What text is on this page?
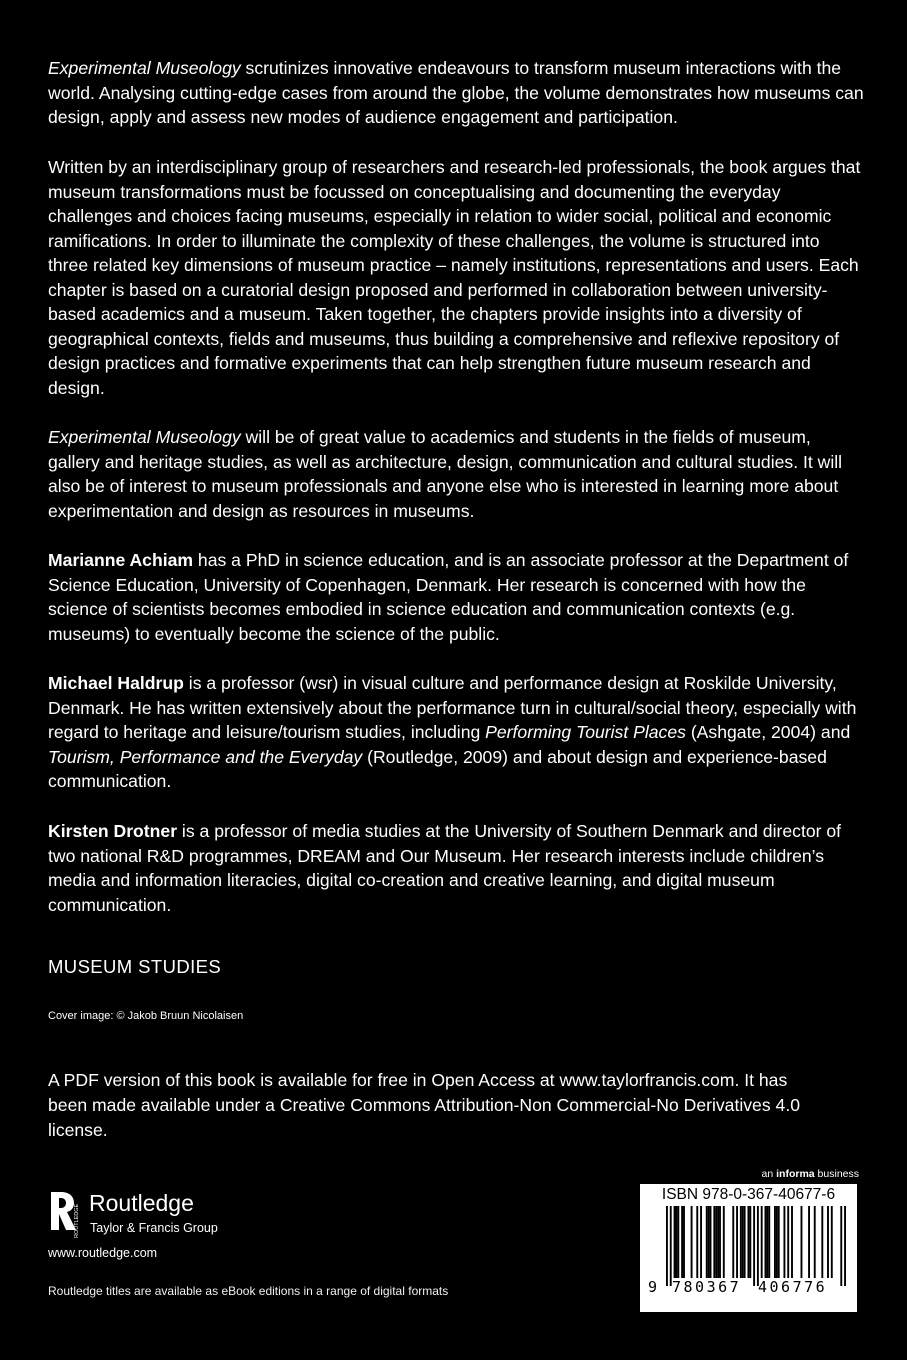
Experimental Museology scrutinizes innovative endeavours to transform museum interactions with the world. Analysing cutting-edge cases from around the globe, the volume demonstrates how museums can design, apply and assess new modes of audience engagement and participation.

Written by an interdisciplinary group of researchers and research-led professionals, the book argues that museum transformations must be focussed on conceptualising and documenting the everyday challenges and choices facing museums, especially in relation to wider social, political and economic ramifications. In order to illuminate the complexity of these challenges, the volume is structured into three related key dimensions of museum practice – namely institutions, representations and users. Each chapter is based on a curatorial design proposed and performed in collaboration between university-based academics and a museum. Taken together, the chapters provide insights into a diversity of geographical contexts, fields and museums, thus building a comprehensive and reflexive repository of design practices and formative experiments that can help strengthen future museum research and design.

Experimental Museology will be of great value to academics and students in the fields of museum, gallery and heritage studies, as well as architecture, design, communication and cultural studies. It will also be of interest to museum professionals and anyone else who is interested in learning more about experimentation and design as resources in museums.

Marianne Achiam has a PhD in science education, and is an associate professor at the Department of Science Education, University of Copenhagen, Denmark. Her research is concerned with how the science of scientists becomes embodied in science education and communication contexts (e.g. museums) to eventually become the science of the public.

Michael Haldrup is a professor (wsr) in visual culture and performance design at Roskilde University, Denmark. He has written extensively about the performance turn in cultural/social theory, especially with regard to heritage and leisure/tourism studies, including Performing Tourist Places (Ashgate, 2004) and Tourism, Performance and the Everyday (Routledge, 2009) and about design and experience-based communication.

Kirsten Drotner is a professor of media studies at the University of Southern Denmark and director of two national R&D programmes, DREAM and Our Museum. Her research interests include children’s media and information literacies, digital co-creation and creative learning, and digital museum communication.

MUSEUM STUDIES
Cover image: © Jakob Bruun Nicolaisen

A PDF version of this book is available for free in Open Access at www.taylorfrancis.com. It has been made available under a Creative Commons Attribution-Non Commercial-No Derivatives 4.0 license.

ROUTLEDGE
Routledge
Taylor & Francis Group
www.routledge.com
Routledge titles are available as eBook editions in a range of digital formats
an informa business
ISBN 978-0-367-40677-6
9 780367 406776
